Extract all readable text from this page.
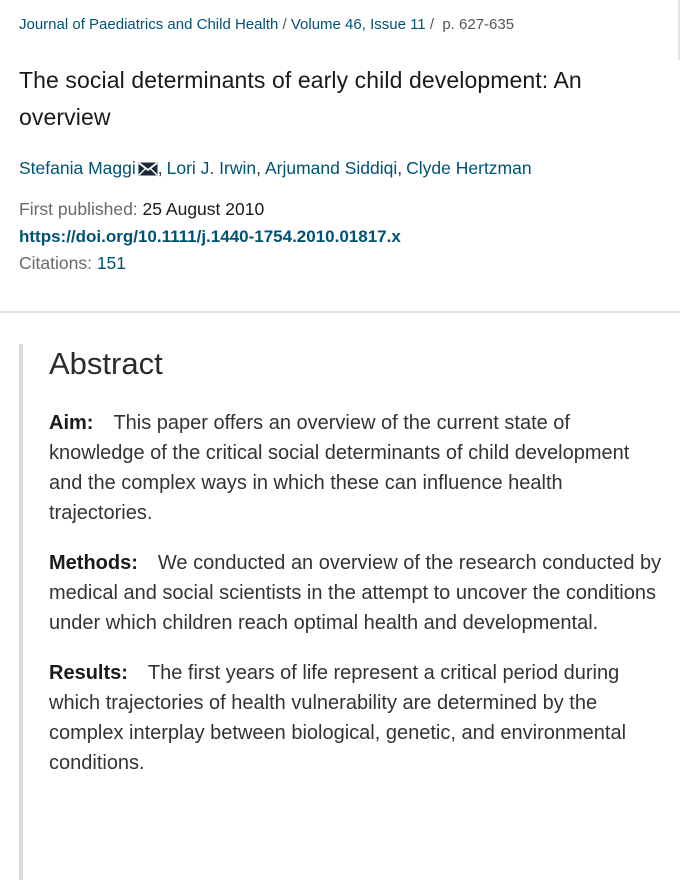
Journal of Paediatrics and Child Health / Volume 46, Issue 11 /  p. 627-635
The social determinants of early child development: An overview
Stefania Maggi , Lori J. Irwin, Arjumand Siddiqi, Clyde Hertzman
First published: 25 August 2010
https://doi.org/10.1111/j.1440-1754.2010.01817.x
Citations: 151
Abstract

Aim: This paper offers an overview of the current state of knowledge of the critical social determinants of child development and the complex ways in which these can influence health trajectories.

Methods: We conducted an overview of the research conducted by medical and social scientists in the attempt to uncover the conditions under which children reach optimal health and developmental.

Results: The first years of life represent a critical period during which trajectories of health vulnerability are determined by the complex interplay between biological, genetic, and environmental conditions.
